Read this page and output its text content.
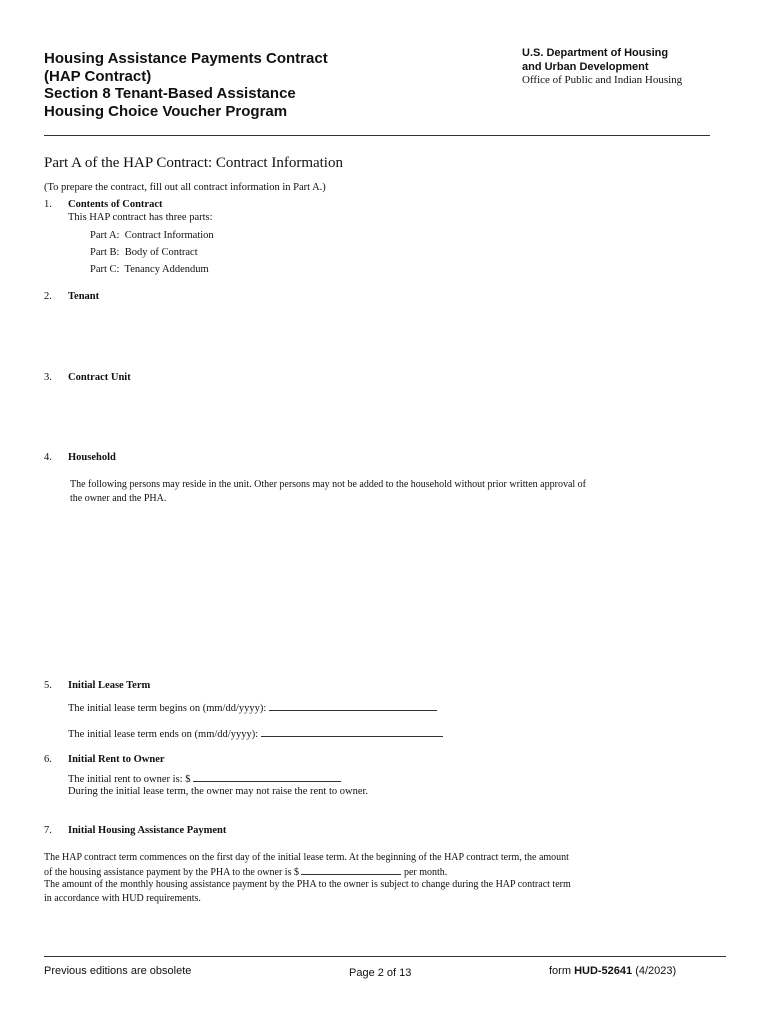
Housing Assistance Payments Contract
(HAP Contract)
Section 8 Tenant-Based Assistance
Housing Choice Voucher Program
U.S. Department of Housing
and Urban Development
Office of Public and Indian Housing
Part A of the HAP Contract: Contract Information
(To prepare the contract, fill out all contract information in Part A.)
1. Contents of Contract
This HAP contract has three parts:
Part A: Contract Information
Part B: Body of Contract
Part C: Tenancy Addendum
2. Tenant
3. Contract Unit
4. Household
The following persons may reside in the unit. Other persons may not be added to the household without prior written approval of
the owner and the PHA.
5. Initial Lease Term
The initial lease term begins on (mm/dd/yyyy):
The initial lease term ends on (mm/dd/yyyy):
6. Initial Rent to Owner
The initial rent to owner is: $
During the initial lease term, the owner may not raise the rent to owner.
7. Initial Housing Assistance Payment
The HAP contract term commences on the first day of the initial lease term. At the beginning of the HAP contract term, the amount
of the housing assistance payment by the PHA to the owner is $	per month.
The amount of the monthly housing assistance payment by the PHA to the owner is subject to change during the HAP contract term
in accordance with HUD requirements.
Previous editions are obsolete	Page 2 of 13	form HUD-52641 (4/2023)
